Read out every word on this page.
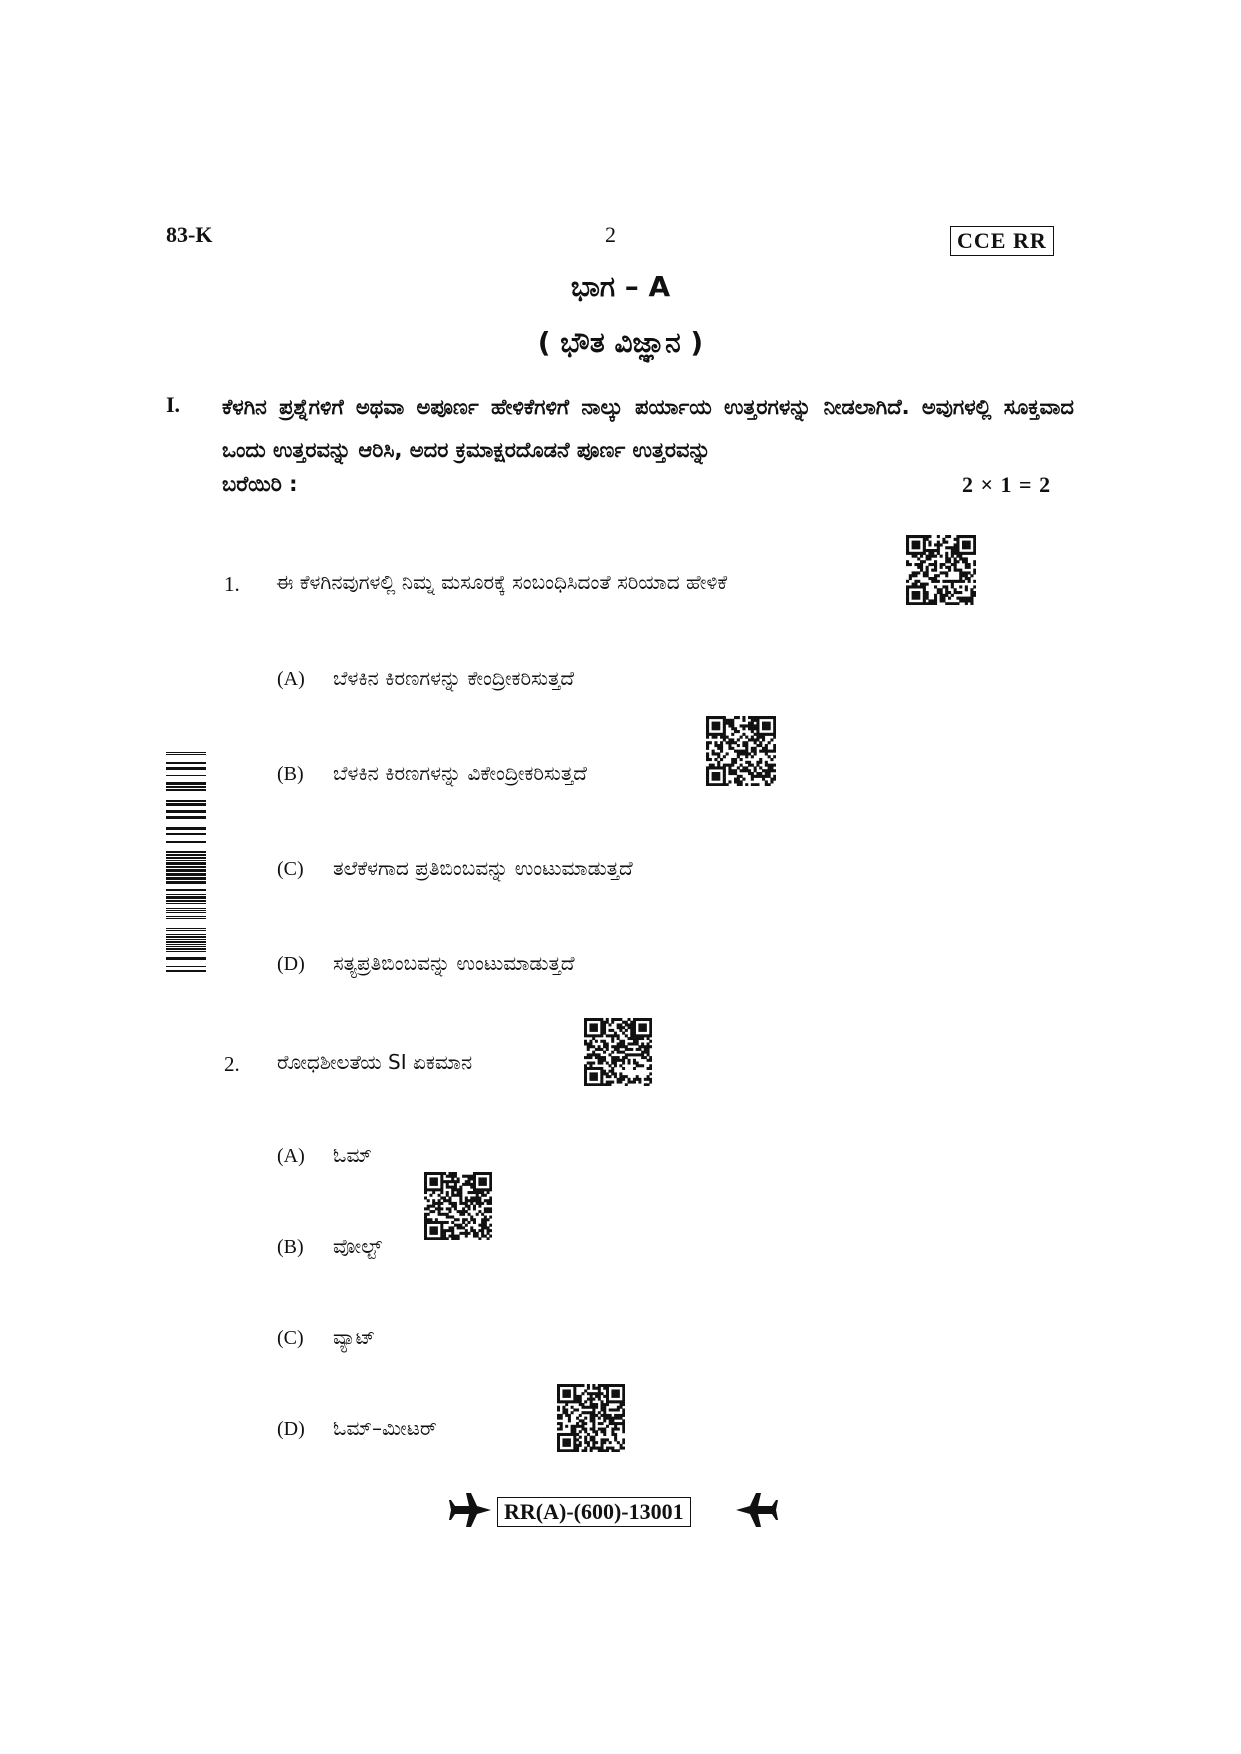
83-K	2	CCE RR
ಭಾಗ – A
( ಭೌತ ವಿಜ್ಞಾನ )
I. ಕೆಳಗಿನ ಪ್ರಶ್ನೆಗಳಿಗೆ ಅಥವಾ ಅಪೂರ್ಣ ಹೇಳಿಕೆಗಳಿಗೆ ನಾಲ್ಕು ಪರ್ಯಾಯ ಉತ್ತರಗಳನ್ನು ನೀಡಲಾಗಿದೆ. ಅವುಗಳಲ್ಲಿ ಸೂಕ್ತವಾದ ಒಂದು ಉತ್ತರವನ್ನು ಆರಿಸಿ, ಅದರ ಕ್ರಮಾಕ್ಷರದೊಡನೆ ಪೂರ್ಣ ಉತ್ತರವನ್ನು
ಬರೆಯಿರಿ :	2 × 1 = 2
1. ಈ ಕೆಳಗಿನವುಗಳಲ್ಲಿ ನಿಮ್ನ ಮಸೂರಕ್ಕೆ ಸಂಬಂಧಿಸಿದಂತೆ ಸರಿಯಾದ ಹೇಳಿಕೆ
(A) ಬೆಳಕಿನ ಕಿರಣಗಳನ್ನು ಕೇಂದ್ರೀಕರಿಸುತ್ತದೆ
(B) ಬೆಳಕಿನ ಕಿರಣಗಳನ್ನು ವಿಕೇಂದ್ರೀಕರಿಸುತ್ತದೆ
(C) ತಲೆಕೆಳಗಾದ ಪ್ರತಿಬಿಂಬವನ್ನು ಉಂಟುಮಾಡುತ್ತದೆ
(D) ಸತ್ಯಪ್ರತಿಬಿಂಬವನ್ನು ಉಂಟುಮಾಡುತ್ತದೆ
2. ರೋಧಶೀಲತೆಯ SI ಏಕಮಾನ
(A) ಓಮ್
(B) ವೋಲ್ಟ್
(C) ವ್ಯಾಟ್
(D) ಓಮ್–ಮೀಟರ್
RR(A)-(600)-13001
